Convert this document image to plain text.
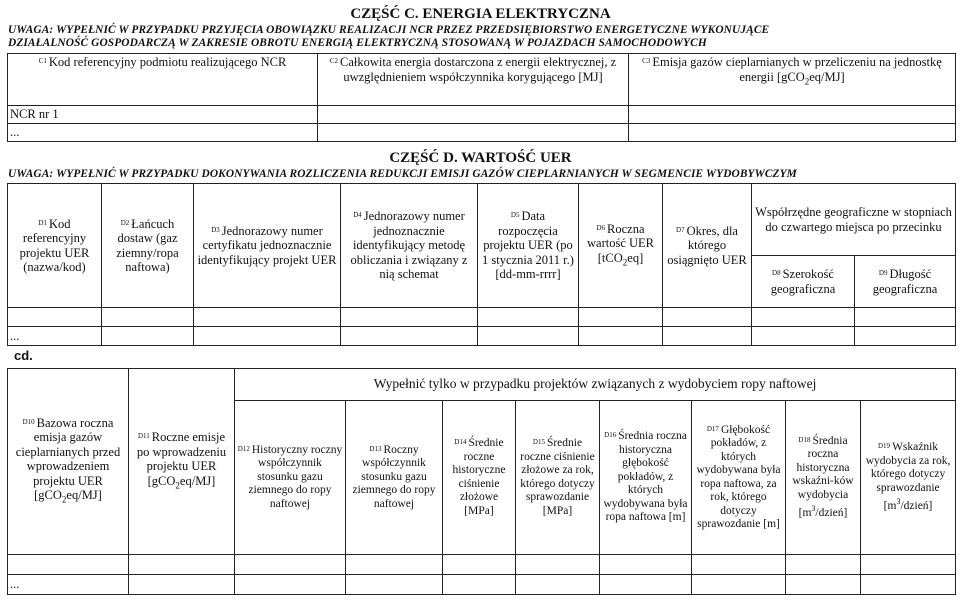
CZĘŚĆ C. ENERGIA ELEKTRYCZNA
UWAGA: WYPEŁNIĆ W PRZYPADKU PRZYJĘCIA OBOWIĄZKU REALIZACJI NCR PRZEZ PRZEDSIĘBIORSTWO ENERGETYCZNE WYKONUJĄCE
DZIAŁALNOŚĆ GOSPODARCZĄ W ZAKRESIE OBROTU ENERGIĄ ELEKTRYCZNĄ STOSOWANĄ W POJAZDACH SAMOCHODOWYCH
$^{C1}$ Kod referencyjny podmiotu realizującego NCR	$^{C2}$ Całkowita energia dostarczona z energii elektrycznej, z uwzględnieniem współczynnika korygującego [MJ]	$^{C3}$ Emisja gazów cieplarnianych w przeliczeniu na jednostkę energii [gCO$_2$eq/MJ]
NCR nr 1		
...		
CZĘŚĆ D. WARTOŚĆ UER
UWAGA: WYPEŁNIĆ W PRZYPADKU DOKONYWANIA ROZLICZENIA REDUKCJI EMISJI GAZÓW CIEPLARNIANYCH W SEGMENCIE WYDOBYWCZYM
$^{D1}$ Kod referencyjny projektu UER (nazwa/kod)	$^{D2}$ Łańcuch dostaw (gaz ziemny/ropa naftowa)	$^{D3}$ Jednorazowy numer certyfikatu jednoznacznie identyfikujący projekt UER	$^{D4}$ Jednorazowy numer jednoznacznie identyfikujący metodę obliczania i związany z nią schemat	$^{D5}$ Data rozpoczęcia projektu UER (po 1 stycznia 2011 r.) [dd-mm-rrrr]	$^{D6}$ Roczna wartość UER [tCO$_2$eq]	$^{D7}$ Okres, dla którego osiągnięto UER	Współrzędne geograficzne w stopniach do czwartego miejsca po przecinku	
							$^{D8}$ Szerokość geograficzna	$^{D9}$ Długość geograficzna

...								
cd.
$^{D10}$ Bazowa roczna emisja gazów cieplarnianych przed wprowadzeniem projektu UER [gCO$_2$eq/MJ]	$^{D11}$ Roczne emisje po wprowadzeniu projektu UER [gCO$_2$eq/MJ]	Wypełnić tylko w przypadku projektów związanych z wydobyciem ropy naftowej							
		$^{D12}$ Historyczny roczny współczynnik stosunku gazu ziemnego do ropy naftowej	$^{D13}$ Roczny współczynnik stosunku gazu ziemnego do ropy naftowej	$^{D14}$ Średnie roczne historyczne ciśnienie złożowe [MPa]	$^{D15}$ Średnie roczne ciśnienie złożowe za rok, którego dotyczy sprawozdanie [MPa]	$^{D16}$ Średnia roczna historyczna głębokość pokładów, z których wydobywana była ropa naftowa [m]	$^{D17}$ Głębokość pokładów, z których wydobywana była ropa naftowa, za rok, którego dotyczy sprawozdanie [m]	$^{D18}$ Średnia roczna historyczna wskaźni-ków wydobycia $[m^3/dzień]$	$^{D19}$ Wskaźnik wydobycia za rok, którego dotyczy sprawozdanie $[m^3/dzień]$

...									
